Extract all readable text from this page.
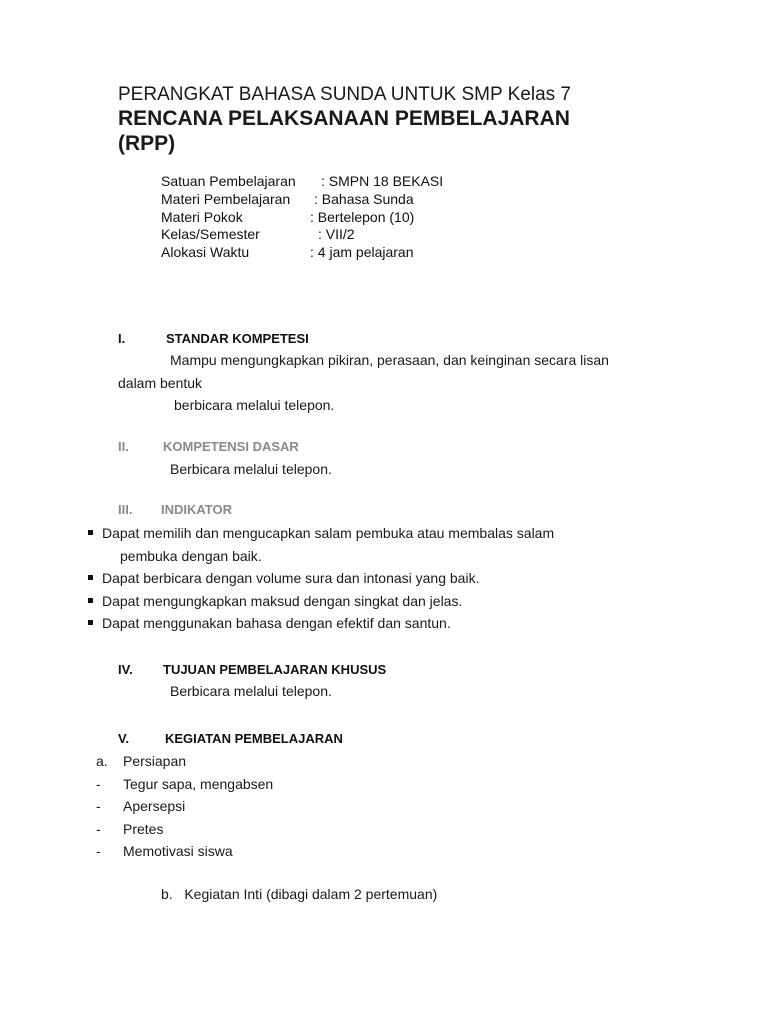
PERANGKAT BAHASA SUNDA UNTUK SMP Kelas 7
RENCANA PELAKSANAAN PEMBELAJARAN
(RPP)
Satuan Pembelajaran : SMPN 18 BEKASI
Materi Pembelajaran : Bahasa Sunda
Materi Pokok	: Bertelepon (10)
Kelas/Semester	: VII/2
Alokasi Waktu	: 4 jam pelajaran
I.	STANDAR KOMPETESI
Mampu mengungkapkan pikiran, perasaan, dan keinginan secara lisan
dalam bentuk
berbicara melalui telepon.
II.	KOMPETENSI DASAR
Berbicara melalui telepon.
III. INDIKATOR
Dapat memilih dan mengucapkan salam pembuka atau membalas salam
pembuka dengan baik.
Dapat berbicara dengan volume sura dan intonasi yang baik.
Dapat mengungkapkan maksud dengan singkat dan jelas.
Dapat menggunakan bahasa dengan efektif dan santun.
IV. TUJUAN PEMBELAJARAN KHUSUS
Berbicara melalui telepon.
V.	KEGIATAN PEMBELAJARAN
a. Persiapan
- Tegur sapa, mengabsen
- Apersepsi
- Pretes
- Memotivasi siswa
b.   Kegiatan Inti (dibagi dalam 2 pertemuan)
